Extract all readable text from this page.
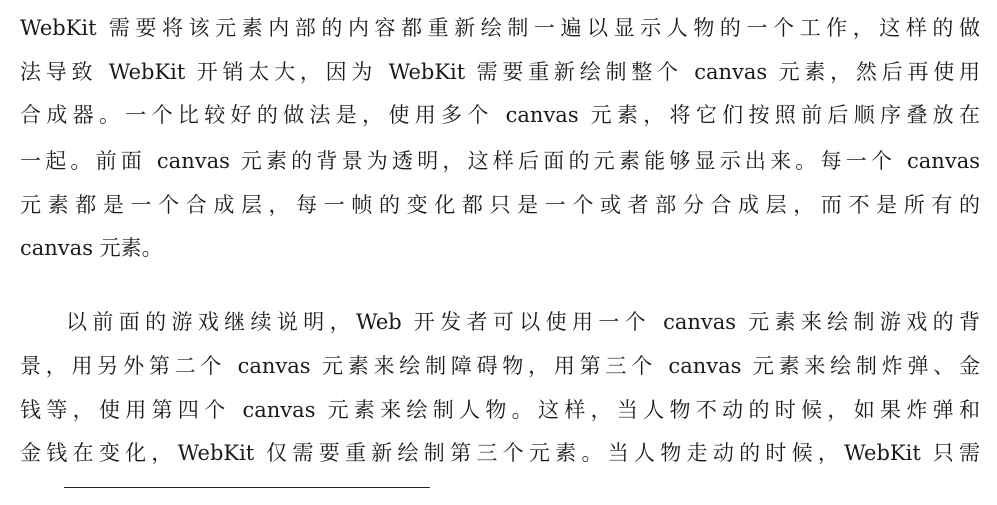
WebKit 需要将该元素内部的内容都重新绘制一遍以显示人物的一个工作，这样的做
法导致 WebKit 开销太大，因为 WebKit 需要重新绘制整个 canvas 元素，然后再使用
合成器。一个比较好的做法是，使用多个 canvas 元素，将它们按照前后顺序叠放在
一起。前面 canvas 元素的背景为透明，这样后面的元素能够显示出来。每一个 canvas
元素都是一个合成层，每一帧的变化都只是一个或者部分合成层，而不是所有的
canvas 元素。
以前面的游戏继续说明，Web 开发者可以使用一个 canvas 元素来绘制游戏的背
景，用另外第二个 canvas 元素来绘制障碍物，用第三个 canvas 元素来绘制炸弹、金
钱等，使用第四个 canvas 元素来绘制人物。这样，当人物不动的时候，如果炸弹和
金钱在变化，WebKit 仅需要重新绘制第三个元素。当人物走动的时候，WebKit 只需
